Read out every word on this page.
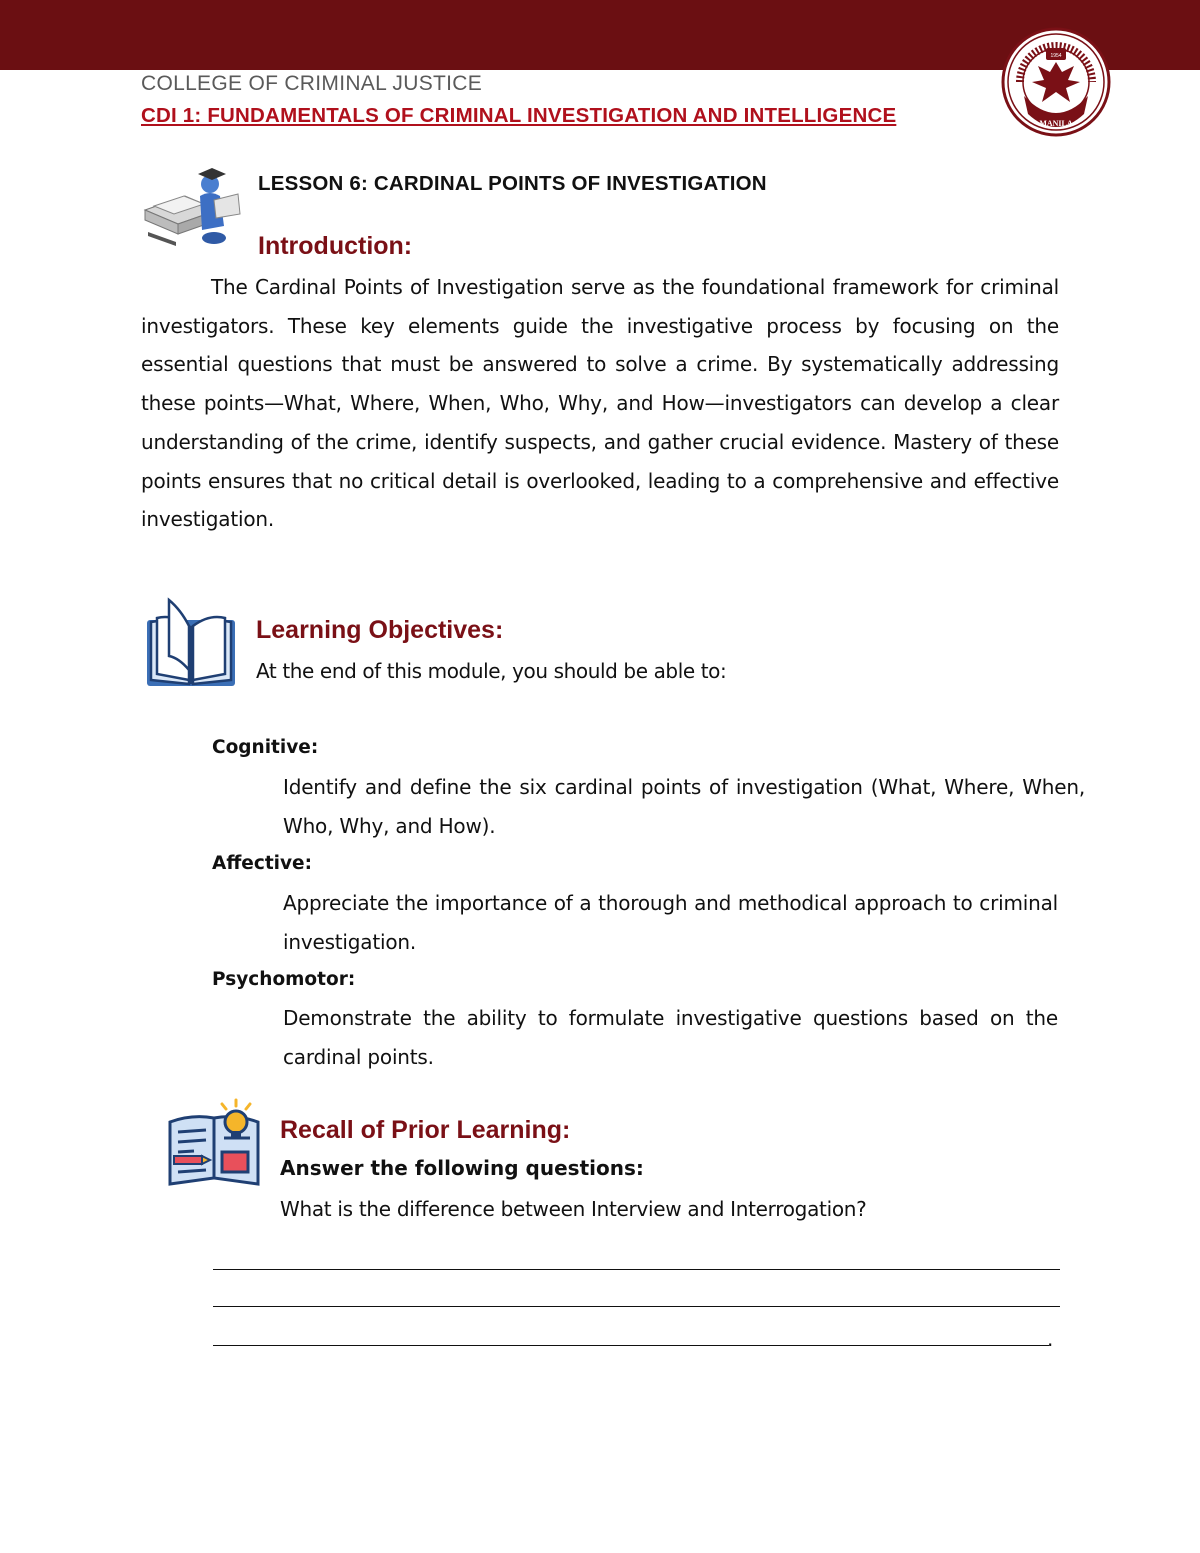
COLLEGE OF CRIMINAL JUSTICE
CDI 1: FUNDAMENTALS OF CRIMINAL INVESTIGATION AND INTELLIGENCE	MANILA
1954
LESSON 6: CARDINAL POINTS OF INVESTIGATION
Introduction:
The Cardinal Points of Investigation serve as the foundational framework for criminal investigators. These key elements guide the investigative process by focusing on the essential questions that must be answered to solve a crime. By systematically addressing these points—What, Where, When, Who, Why, and How—investigators can develop a clear understanding of the crime, identify suspects, and gather crucial evidence. Mastery of these points ensures that no critical detail is overlooked, leading to a comprehensive and effective investigation.
Learning Objectives:
At the end of this module, you should be able to:
Cognitive:
Identify and define the six cardinal points of investigation (What, Where, When, Who, Why, and How).
Affective:
Appreciate the importance of a thorough and methodical approach to criminal investigation.
Psychomotor:
Demonstrate the ability to formulate investigative questions based on the cardinal points.
Recall of Prior Learning:
Answer the following questions:
What is the difference between Interview and Interrogation?
.
